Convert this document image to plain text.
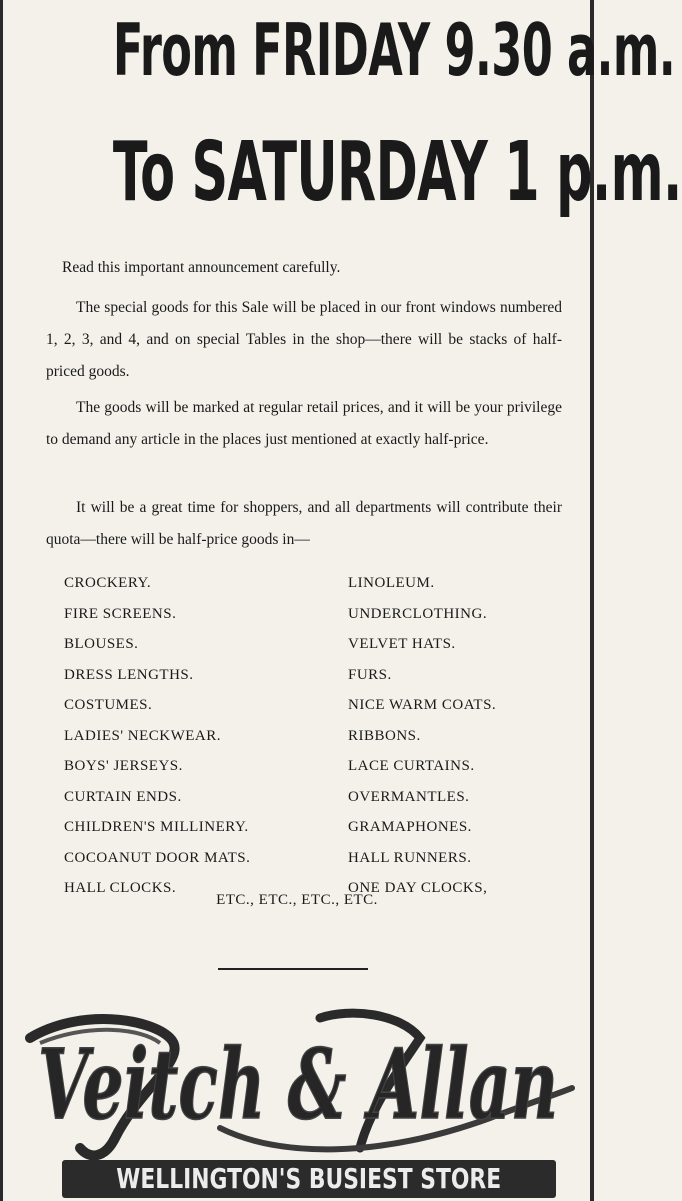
From FRIDAY 9.30 a.m.
To SATURDAY 1 p.m.

Read this important announcement carefully.

The special goods for this Sale will be placed in our front windows numbered 1, 2, 3, and 4, and on special Tables in the shop—there will be stacks of half-priced goods.

The goods will be marked at regular retail prices, and it will be your privilege to demand any article in the places just mentioned at exactly half-price.

It will be a great time for shoppers, and all departments will contribute their quota—there will be half-price goods in—

CROCKERY.
FIRE SCREENS.
BLOUSES.
DRESS LENGTHS.
COSTUMES.
LADIES' NECKWEAR.
BOYS' JERSEYS.
CURTAIN ENDS.
CHILDREN'S MILLINERY.
COCOANUT DOOR MATS.
HALL CLOCKS.
LINOLEUM.
UNDERCLOTHING.
VELVET HATS.
FURS.
NICE WARM COATS.
RIBBONS.
LACE CURTAINS.
OVERMANTLES.
GRAMAPHONES.
HALL RUNNERS.
ONE DAY CLOCKS,
ETC., ETC., ETC., ETC.
Veitch & Allan
WELLINGTON'S BUSIEST STORE
